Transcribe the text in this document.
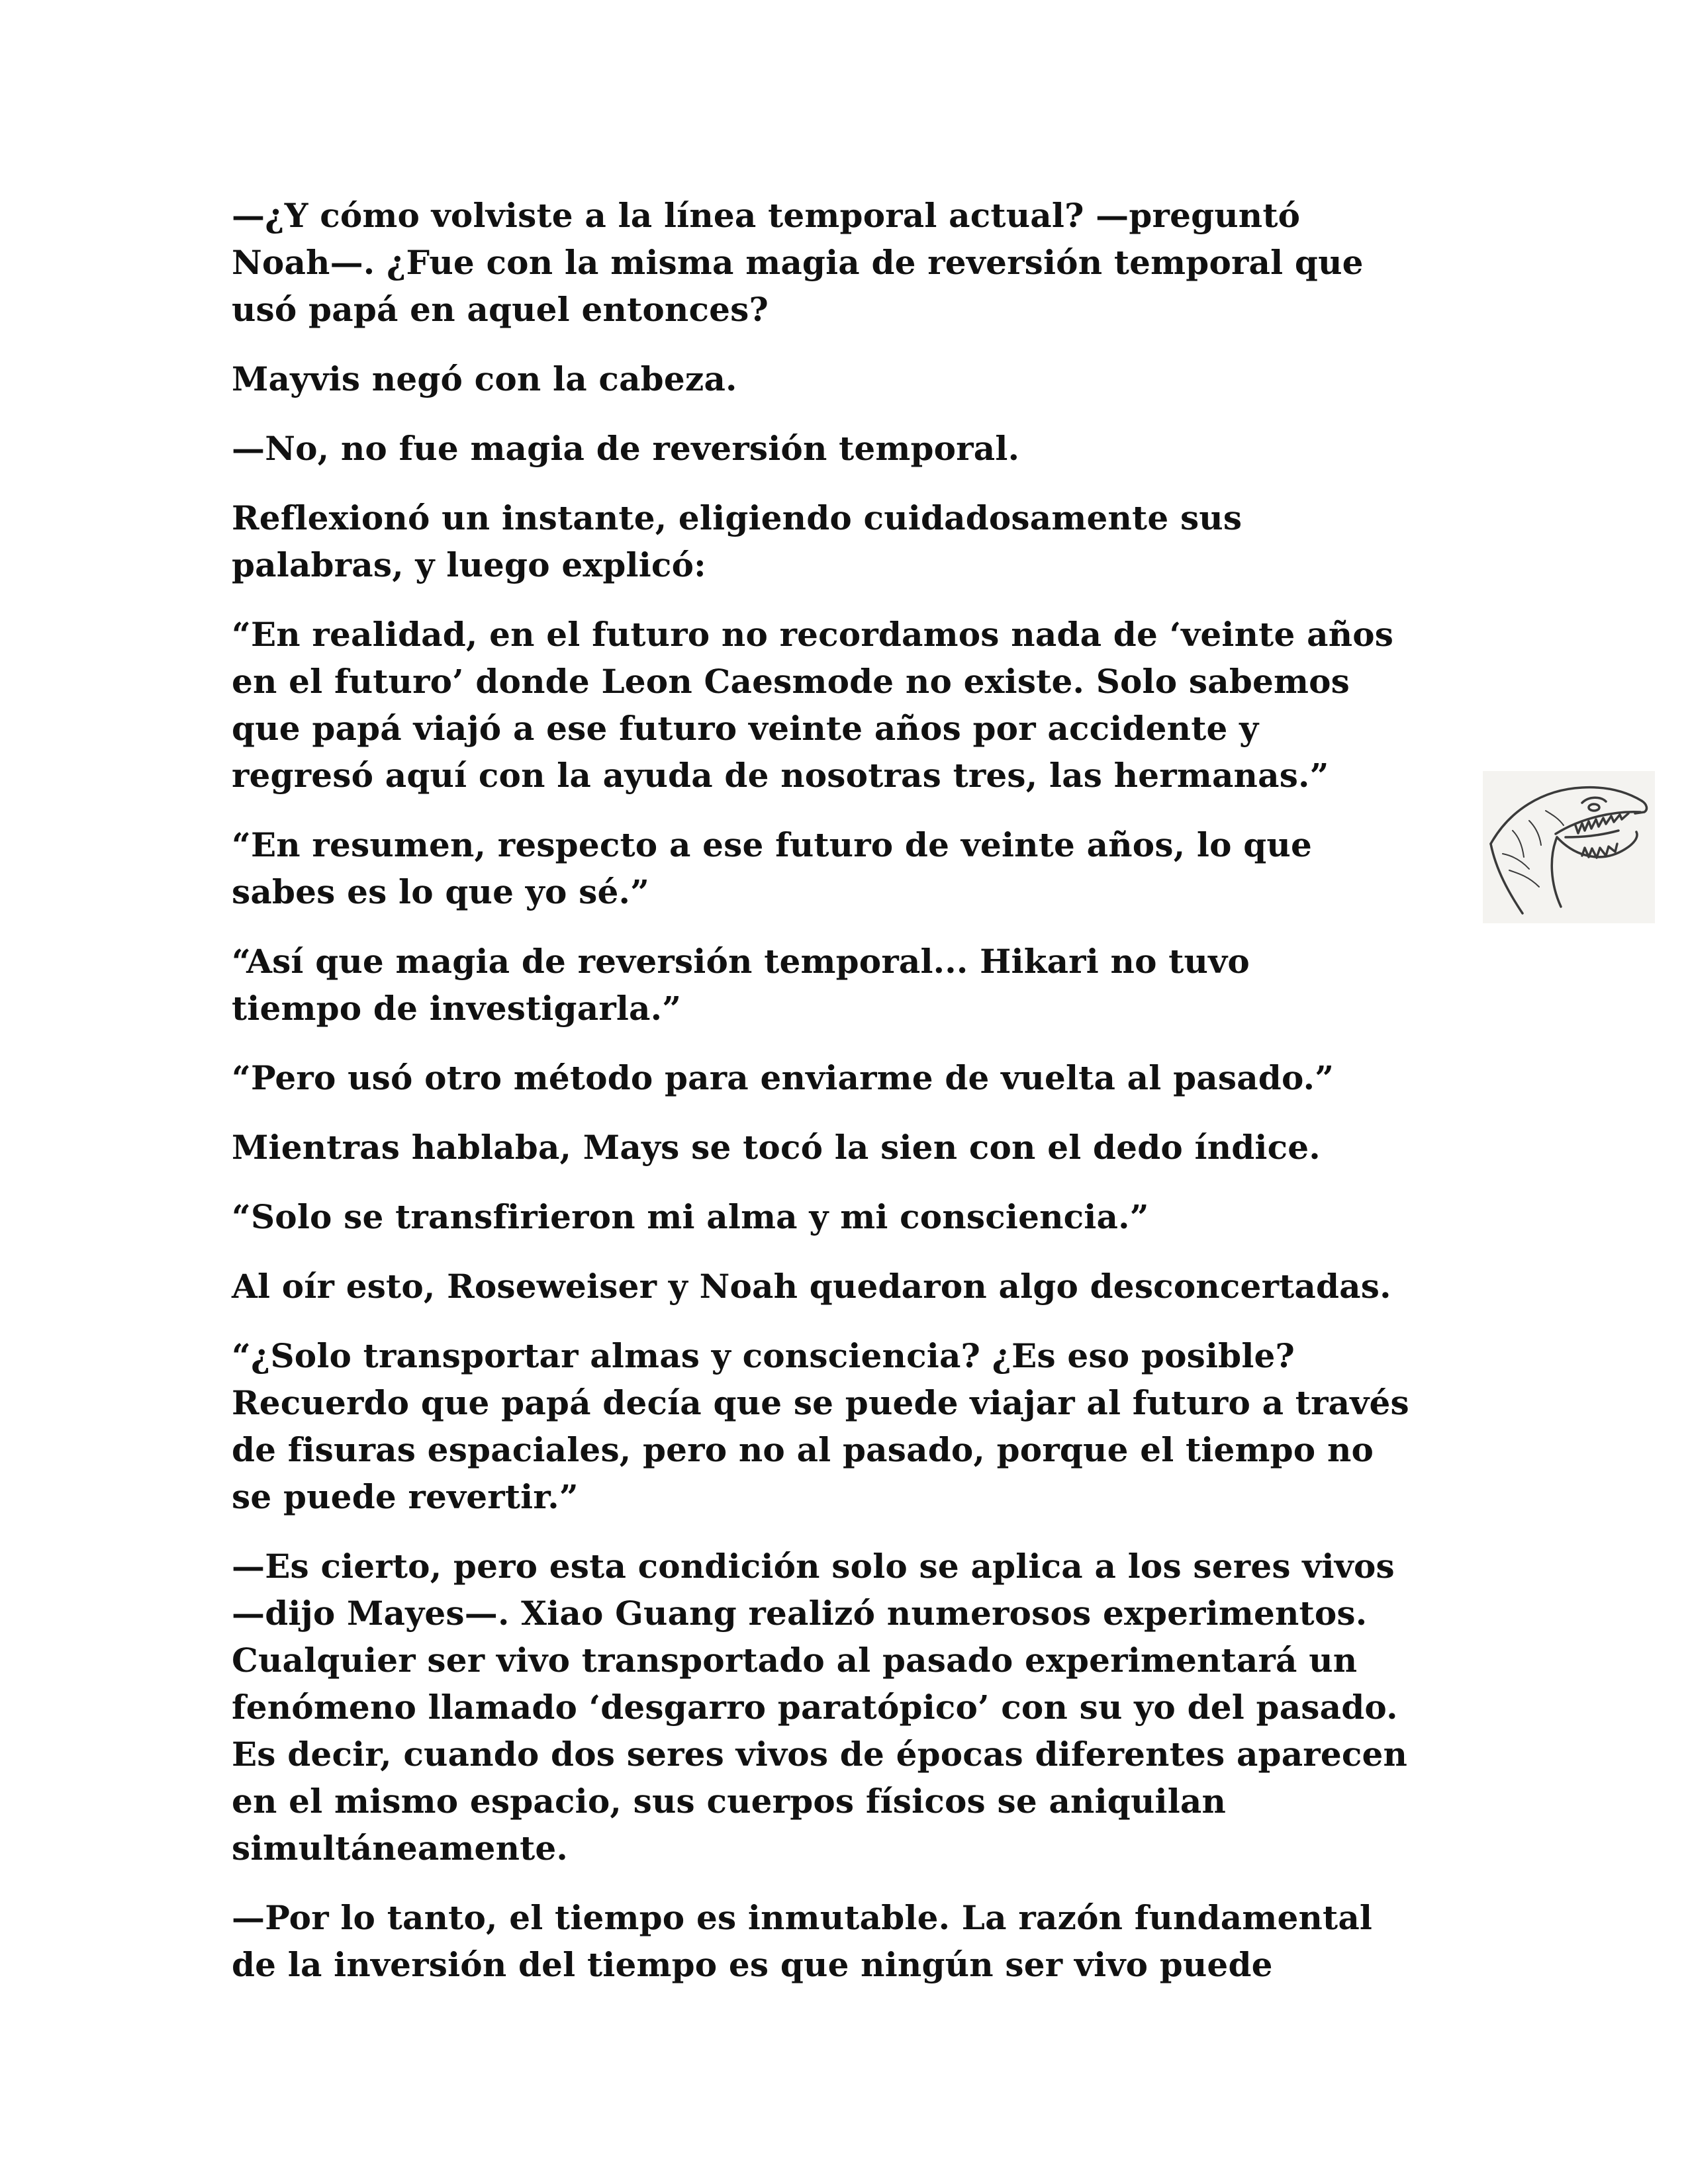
—¿Y cómo volviste a la línea temporal actual? —preguntó
Noah—. ¿Fue con la misma magia de reversión temporal que
usó papá en aquel entonces?

Mayvis negó con la cabeza.

—No, no fue magia de reversión temporal.

Reflexionó un instante, eligiendo cuidadosamente sus
palabras, y luego explicó:

“En realidad, en el futuro no recordamos nada de ‘veinte años
en el futuro’ donde Leon Caesmode no existe. Solo sabemos
que papá viajó a ese futuro veinte años por accidente y
regresó aquí con la ayuda de nosotras tres, las hermanas.”

“En resumen, respecto a ese futuro de veinte años, lo que
sabes es lo que yo sé.”

“Así que magia de reversión temporal... Hikari no tuvo
tiempo de investigarla.”

“Pero usó otro método para enviarme de vuelta al pasado.”

Mientras hablaba, Mays se tocó la sien con el dedo índice.

“Solo se transfirieron mi alma y mi consciencia.”

Al oír esto, Roseweiser y Noah quedaron algo desconcertadas.

“¿Solo transportar almas y consciencia? ¿Es eso posible?
Recuerdo que papá decía que se puede viajar al futuro a través
de fisuras espaciales, pero no al pasado, porque el tiempo no
se puede revertir.”

—Es cierto, pero esta condición solo se aplica a los seres vivos
—dijo Mayes—. Xiao Guang realizó numerosos experimentos.
Cualquier ser vivo transportado al pasado experimentará un
fenómeno llamado ‘desgarro paratópico’ con su yo del pasado.
Es decir, cuando dos seres vivos de épocas diferentes aparecen
en el mismo espacio, sus cuerpos físicos se aniquilan
simultáneamente.

—Por lo tanto, el tiempo es inmutable. La razón fundamental
de la inversión del tiempo es que ningún ser vivo puede
